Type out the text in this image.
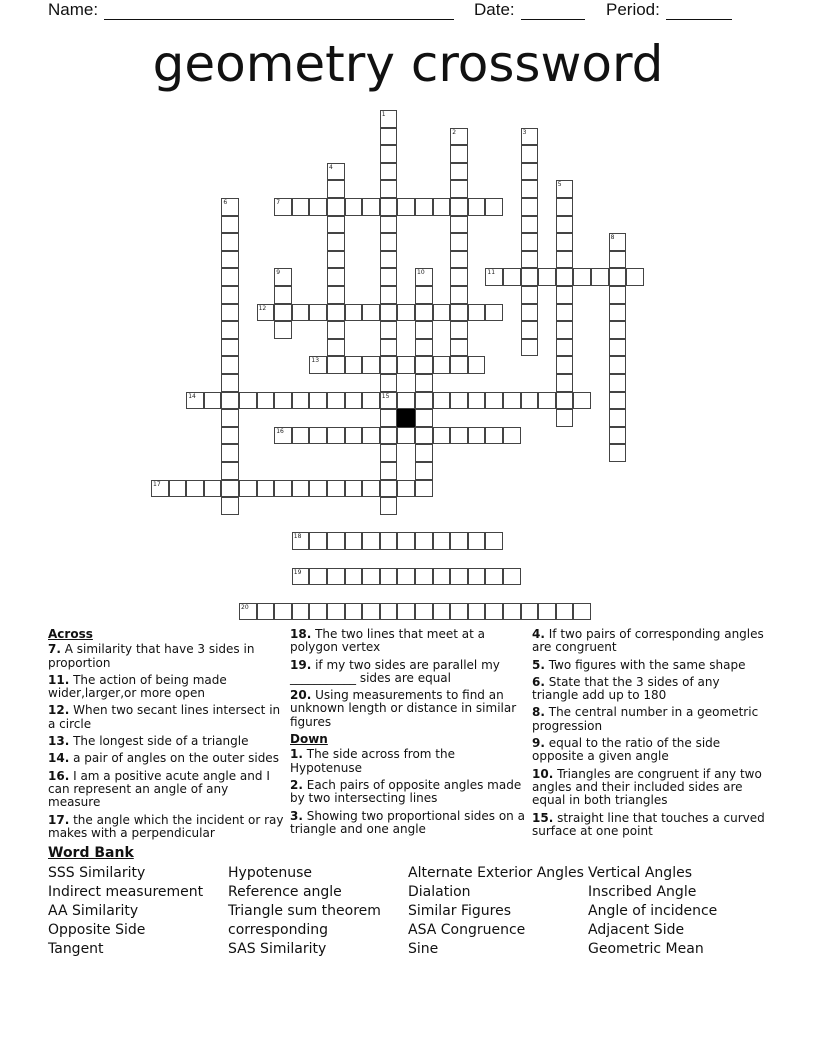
Name:	Date:	Period:
geometry crossword
7
11
12
13
14	15
16
17
18
19
20
1
2	3
4
5
6
8
9	10
Across
7. A similarity that have 3 sides in proportion
11. The action of being made wider,larger,or more open
12. When two secant lines intersect in a circle
13. The longest side of a triangle
14. a pair of angles on the outer sides
16. I am a positive acute angle and I can represent an angle of any measure
17. the angle which the incident or ray makes with a perpendicular
18. The two lines that meet at a polygon vertex
19. if my two sides are parallel my ___________ sides are equal
20. Using measurements to find an unknown length or distance in similar figures
Down
1. The side across from the Hypotenuse
2. Each pairs of opposite angles made by two intersecting lines
3. Showing two proportional sides on a triangle and one angle
4. If two pairs of corresponding angles are congruent
5. Two figures with the same shape
6. State that the 3 sides of any triangle add up to 180
8. The central number in a geometric progression
9. equal to the ratio of the side opposite a given angle
10. Triangles are congruent if any two angles and their included sides are equal in both triangles
15. straight line that touches a curved surface at one point
Word Bank
SSS Similarity
Indirect measurement
AA Similarity
Opposite Side
Tangent
Hypotenuse
Reference angle
Triangle sum theorem
corresponding
SAS Similarity
Alternate Exterior Angles
Dialation
Similar Figures
ASA Congruence
Sine
Vertical Angles
Inscribed Angle
Angle of incidence
Adjacent Side
Geometric Mean
